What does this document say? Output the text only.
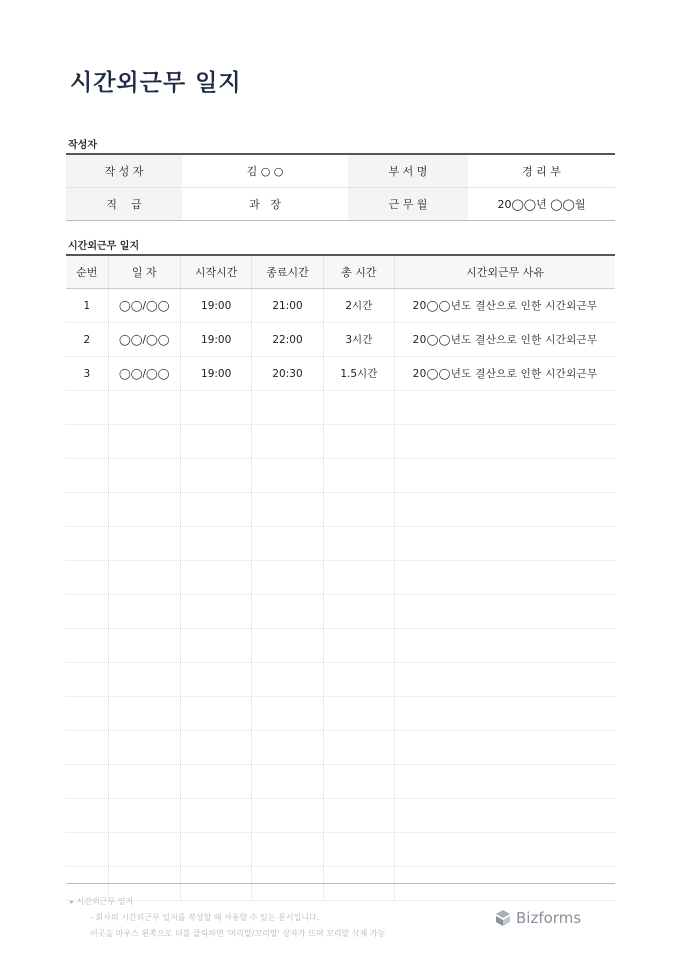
시간외근무 일지
작성자
작 성 자	김 ○ ○	부 서 명	경 리 부
직    급	과   장	근 무 월	20◯◯년 ◯◯월
시간외근무 일지
순번	일 자	시작시간	종료시간	총 시간	시간외근무 사유
1	◯◯/◯◯	19:00	21:00	2시간	20◯◯년도 결산으로 인한 시간외근무
2	◯◯/◯◯	19:00	22:00	3시간	20◯◯년도 결산으로 인한 시간외근무
3	◯◯/◯◯	19:00	20:30	1.5시간	20◯◯년도 결산으로 인한 시간외근무
▸ 시간외근무 일지
- 회사의 시간외근무 일지를 작성할 때 사용할 수 있는 문서입니다.
이곳을 마우스 왼쪽으로 더블 클릭하면 '머리말/꼬리말' 상자가 뜨며 꼬리말 삭제 가능
Bizforms
